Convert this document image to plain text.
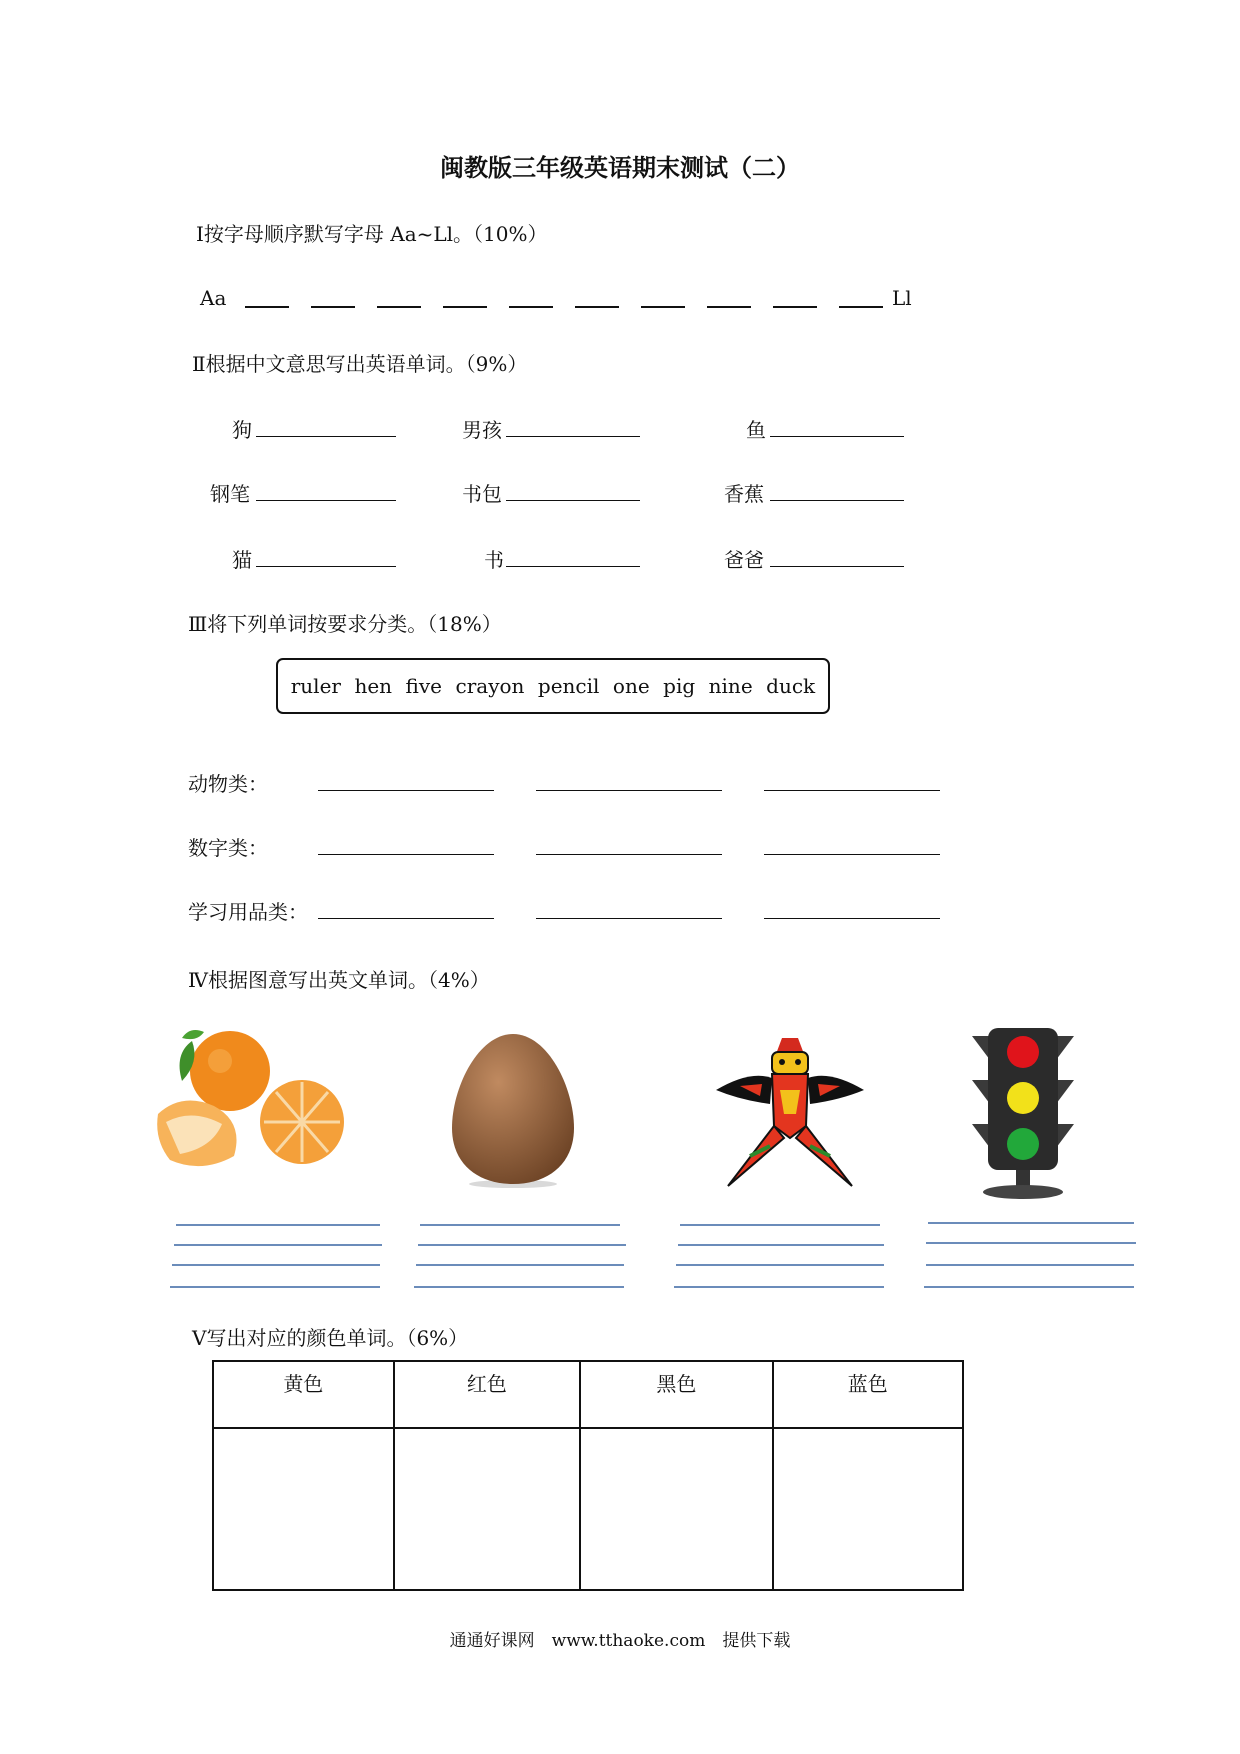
闽教版三年级英语期末测试（二）
Ⅰ按字母顺序默写字母 Aa~Ll。（10%）
Aa	Ll
Ⅱ根据中文意思写出英语单词。（9%）
狗	男孩	鱼
钢笔	书包	香蕉
猫	书	爸爸
Ⅲ将下列单词按要求分类。（18%）
ruler hen five crayon pencil one pig nine duck
动物类：
数字类：
学习用品类：
Ⅳ根据图意写出英文单词。（4%）
Ⅴ写出对应的颜色单词。（6%）
黄色	红色	黑色	蓝色

通通好课网　www.tthaoke.com　提供下载
